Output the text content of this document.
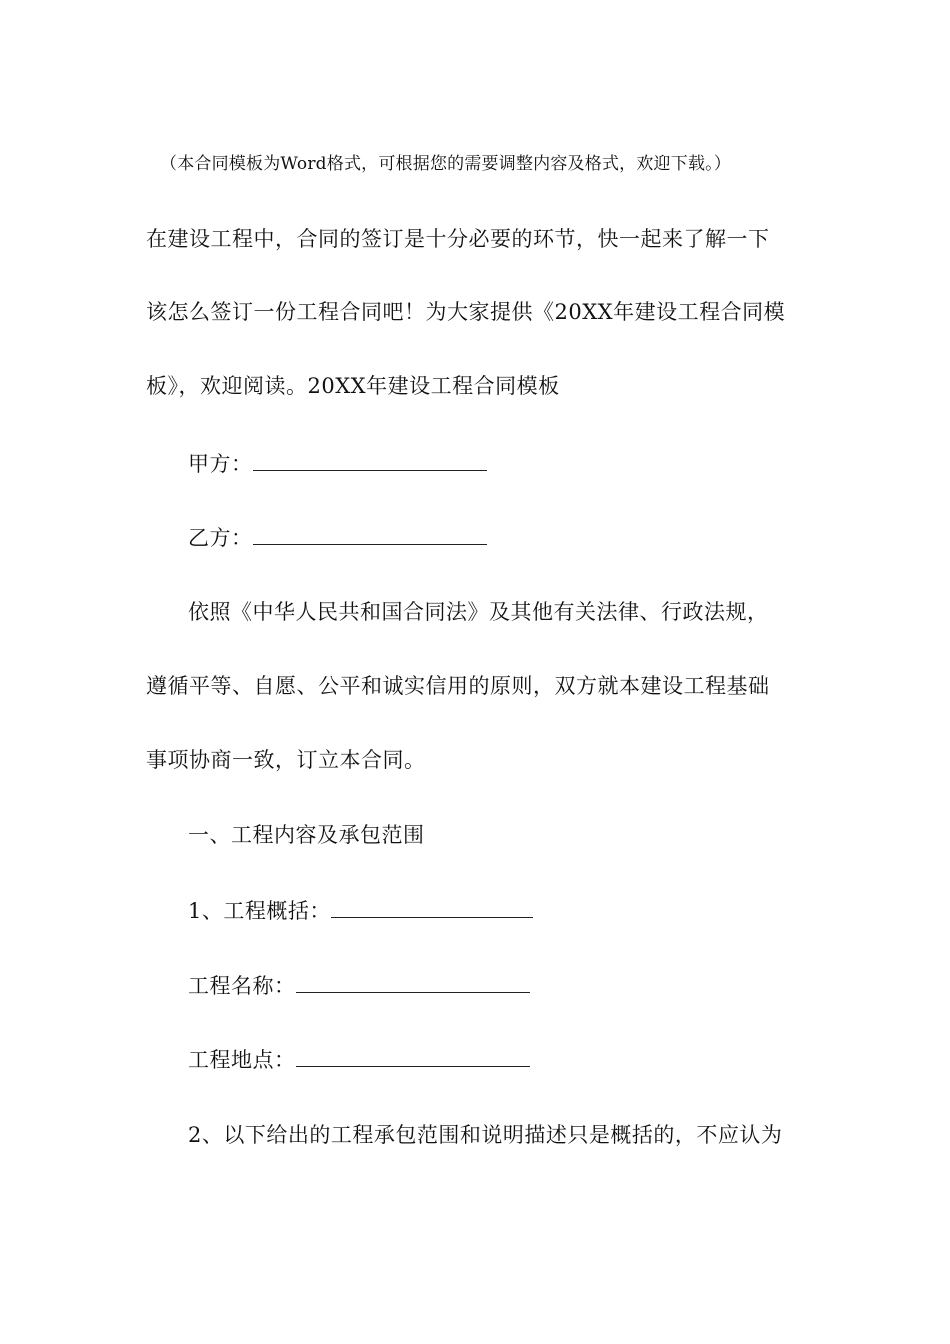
（本合同模板为Word格式，可根据您的需要调整内容及格式，欢迎下载。）
在建设工程中，合同的签订是十分必要的环节，快一起来了解一下
该怎么签订一份工程合同吧！为大家提供《20XX年建设工程合同模
板》，欢迎阅读。20XX年建设工程合同模板
甲方：
乙方：
依照《中华人民共和国合同法》及其他有关法律、行政法规，
遵循平等、自愿、公平和诚实信用的原则，双方就本建设工程基础
事项协商一致，订立本合同。
一、工程内容及承包范围
1、工程概括：
工程名称：
工程地点：
2、以下给出的工程承包范围和说明描述只是概括的，不应认为
